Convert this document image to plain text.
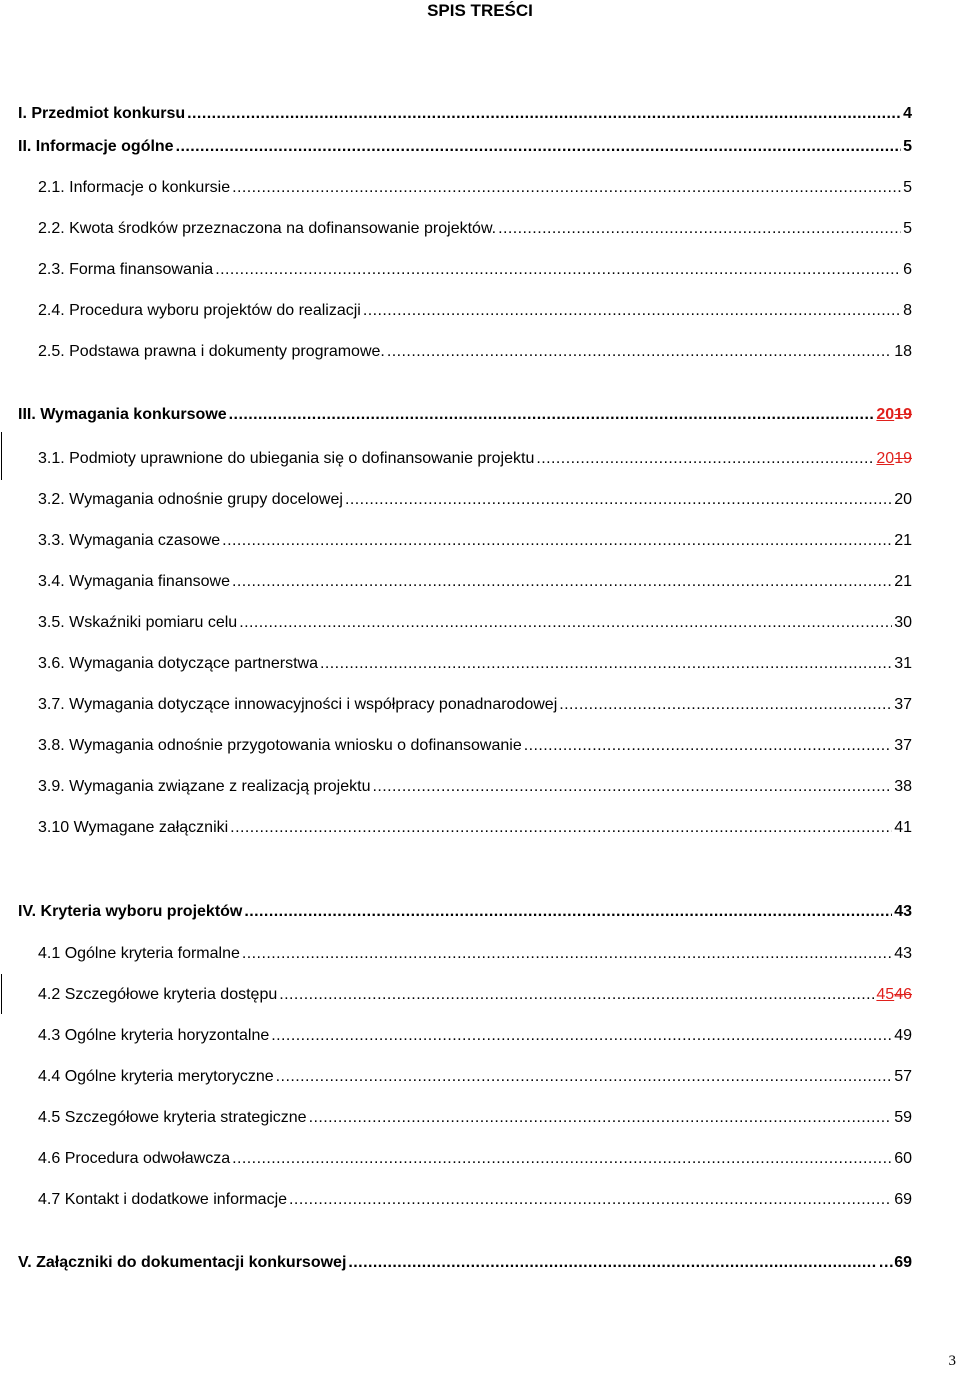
SPIS TREŚCI
I. Przedmiot konkursu . . .	4
II. Informacje ogólne . . .	5
2.1. Informacje o konkursie . . .	5
2.2. Kwota środków przeznaczona na dofinansowanie projektów. . . .	5
2.3. Forma finansowania . . .	6
2.4. Procedura wyboru projektów do realizacji . . .	8
2.5. Podstawa prawna i dokumenty programowe. . . .	18
III. Wymagania konkursowe . . .	2019
3.1. Podmioty uprawnione do ubiegania się o dofinansowanie projektu . . .	2019
3.2. Wymagania odnośnie grupy docelowej . . .	20
3.3. Wymagania czasowe . . .	21
3.4. Wymagania finansowe . . .	21
3.5. Wskaźniki pomiaru celu . . .	30
3.6. Wymagania dotyczące partnerstwa . . .	31
3.7. Wymagania dotyczące innowacyjności i współpracy ponadnarodowej . . .	37
3.8. Wymagania odnośnie przygotowania wniosku o dofinansowanie . . .	37
3.9. Wymagania związane z realizacją projektu . . .	38
3.10 Wymagane załączniki . . .	41
IV. Kryteria wyboru projektów . . .	43
4.1 Ogólne kryteria formalne . . .	43
4.2 Szczegółowe kryteria dostępu . . .	4546
4.3 Ogólne kryteria horyzontalne . . .	49
4.4 Ogólne kryteria merytoryczne . . .	57
4.5 Szczegółowe kryteria strategiczne . . .	59
4.6 Procedura odwoławcza . . .	60
4.7 Kontakt i dodatkowe informacje . . .	69
V. Załączniki do dokumentacji konkursowej . . .	…69
3
